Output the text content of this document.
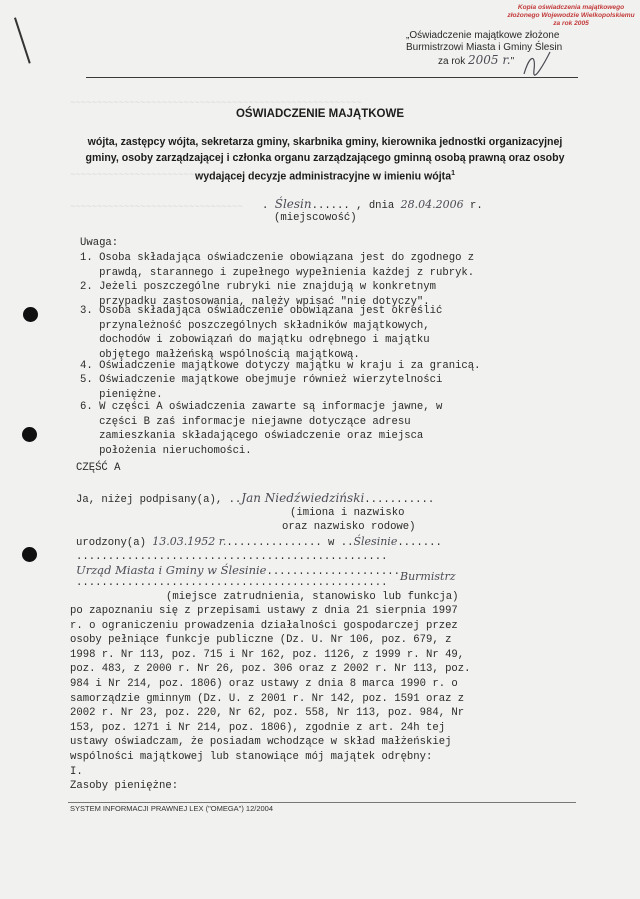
~~~~~~~~~~~~~~~~~~~~~~~~~~~~~~~~~~~~~~~~~~~~~~~~~~~~~~
~~~~~~~~~~~~~~~~~~~~~~~~~~~~
~~~~~~~~~~~~~~~~~~~~~~~~~~~~~~~~
Kopia oświadczenia majątkowego
złożonego Wojewodzie Wielkopolskiemu
za rok 2005
„Oświadczenie majątkowe złożone
Burmistrzowi Miasta i Gminy Ślesin
za rok 2005 r."
OŚWIADCZENIE MAJĄTKOWE
wójta, zastępcy wójta, sekretarza gminy, skarbnika gminy, kierownika jednostki organizacyjnej
gminy, osoby zarządzającej i członka organu zarządzającego gminną osobą prawną oraz osoby
wydającej decyzje administracyjne w imieniu wójta$^1$
. Ślesin...... , dnia 28.04.2006 r.
(miejscowość)
Uwaga:
1. Osoba składająca oświadczenie obowiązana jest do zgodnego z
prawdą, starannego i zupełnego wypełnienia każdej z rubryk.
2. Jeżeli poszczególne rubryki nie znajdują w konkretnym
przypadku zastosowania, należy wpisać "nie dotyczy".
3. Osoba składająca oświadczenie obowiązana jest określić
przynależność poszczególnych składników majątkowych,
dochodów i zobowiązań do majątku odrębnego i majątku
objętego małżeńską wspólnością majątkową.
4. Oświadczenie majątkowe dotyczy majątku w kraju i za granicą.
5. Oświadczenie majątkowe obejmuje również wierzytelności
pieniężne.
6. W części A oświadczenia zawarte są informacje jawne, w
części B zaś informacje niejawne dotyczące adresu
zamieszkania składającego oświadczenie oraz miejsca
położenia nieruchomości.
CZĘŚĆ A
Ja, niżej podpisany(a), ..Jan Niedźwiedziński...........
(imiona i nazwisko
oraz nazwisko rodowe)
urodzony(a) 13.03.1952 r................ w ..Ślesinie.......
.................................................
Urząd Miasta i Gminy w Ślesinie.....................
................................................. Burmistrz
(miejsce zatrudnienia, stanowisko lub funkcja)
po zapoznaniu się z przepisami ustawy z dnia 21 sierpnia 1997
r. o ograniczeniu prowadzenia działalności gospodarczej przez
osoby pełniące funkcje publiczne (Dz. U. Nr 106, poz. 679, z
1998 r. Nr 113, poz. 715 i Nr 162, poz. 1126, z 1999 r. Nr 49,
poz. 483, z 2000 r. Nr 26, poz. 306 oraz z 2002 r. Nr 113, poz.
984 i Nr 214, poz. 1806) oraz ustawy z dnia 8 marca 1990 r. o
samorządzie gminnym (Dz. U. z 2001 r. Nr 142, poz. 1591 oraz z
2002 r. Nr 23, poz. 220, Nr 62, poz. 558, Nr 113, poz. 984, Nr
153, poz. 1271 i Nr 214, poz. 1806), zgodnie z art. 24h tej
ustawy oświadczam, że posiadam wchodzące w skład małżeńskiej
wspólności majątkowej lub stanowiące mój majątek odrębny:
I.
Zasoby pieniężne:
SYSTEM INFORMACJI PRAWNEJ LEX ("OMEGA") 12/2004
